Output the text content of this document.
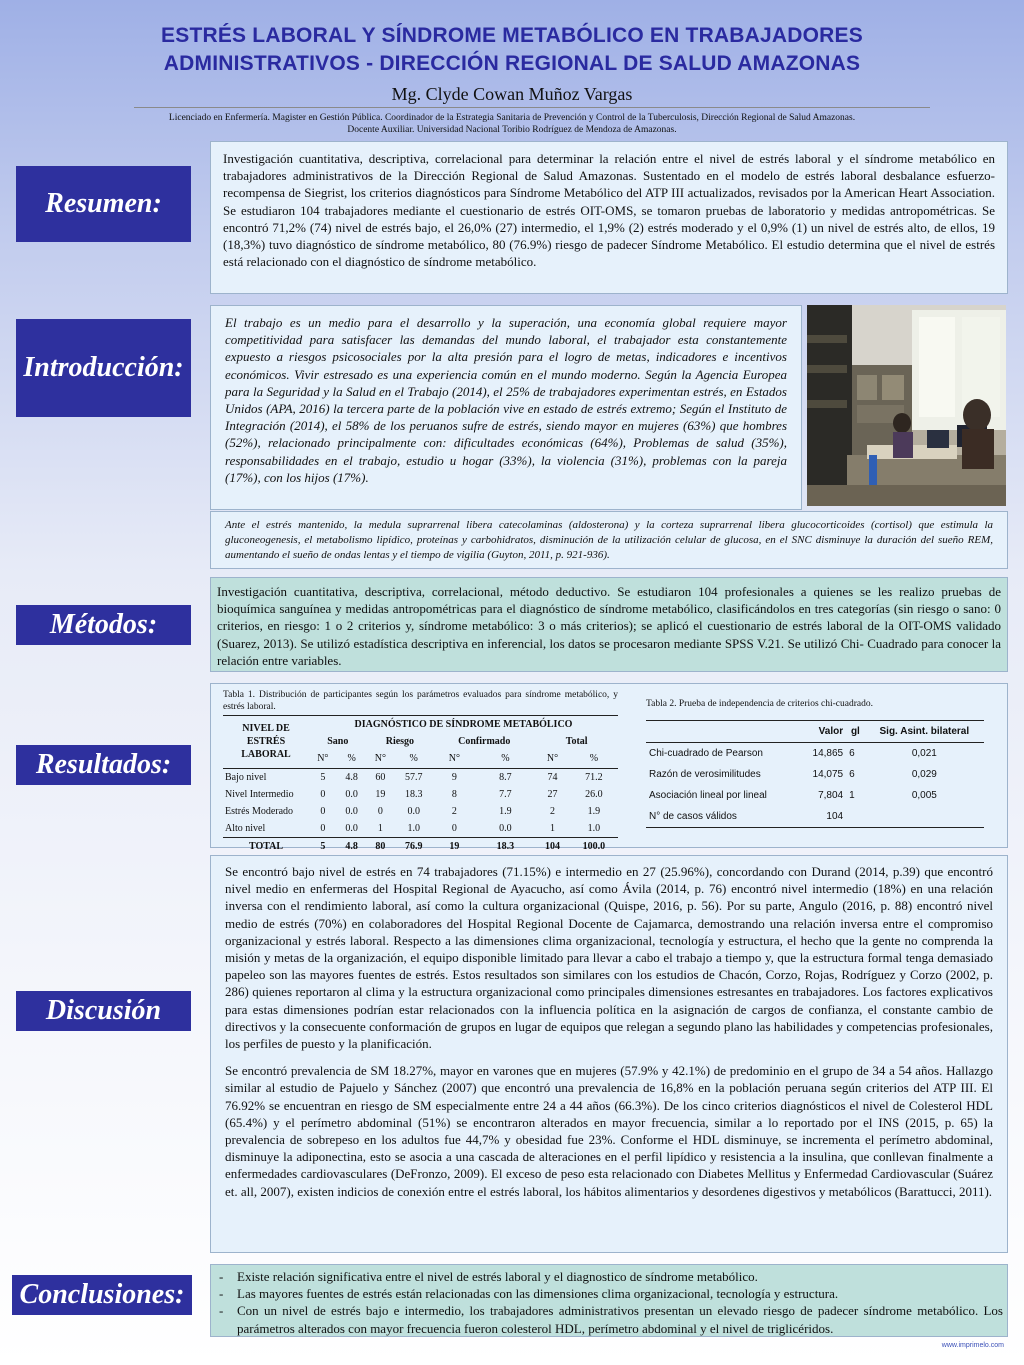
ESTRÉS LABORAL Y SÍNDROME METABÓLICO EN TRABAJADORES
ADMINISTRATIVOS - DIRECCIÓN REGIONAL DE SALUD AMAZONAS
Mg. Clyde Cowan Muñoz Vargas
Licenciado en Enfermería. Magister en Gestión Pública. Coordinador de la Estrategia Sanitaria de Prevención y Control de la Tuberculosis, Dirección Regional de Salud Amazonas.
Docente Auxiliar. Universidad Nacional Toribio Rodríguez de Mendoza de Amazonas.
Resumen:

Investigación cuantitativa, descriptiva, correlacional para determinar la relación entre el nivel de estrés laboral y el síndrome metabólico en trabajadores administrativos de la Dirección Regional de Salud Amazonas. Sustentado en el modelo de estrés laboral desbalance esfuerzo-recompensa de Siegrist, los criterios diagnósticos para Síndrome Metabólico del ATP III actualizados, revisados por la American Heart Association. Se estudiaron 104 trabajadores mediante el cuestionario de estrés OIT-OMS, se tomaron pruebas de laboratorio y medidas antropométricas. Se encontró 71,2% (74) nivel de estrés bajo, el 26,0% (27) intermedio, el 1,9% (2) estrés moderado y el 0,9% (1) un nivel de estrés alto, de ellos, 19 (18,3%) tuvo diagnóstico de síndrome metabólico, 80 (76.9%) riesgo de padecer Síndrome Metabólico. El estudio determina que el nivel de estrés está relacionado con el diagnóstico de síndrome metabólico.

Introducción:

El trabajo es un medio para el desarrollo y la superación, una economía global requiere mayor competitividad para satisfacer las demandas del mundo laboral, el trabajador esta constantemente expuesto a riesgos psicosociales por la alta presión para el logro de metas, indicadores e incentivos económicos. Vivir estresado es una experiencia común en el mundo moderno. Según la Agencia Europea para la Seguridad y la Salud en el Trabajo (2014), el 25% de trabajadores experimentan estrés, en Estados Unidos (APA, 2016) la tercera parte de la población vive en estado de estrés extremo; Según el Instituto de Integración (2014), el 58% de los peruanos sufre de estrés, siendo mayor en mujeres (63%) que hombres (52%), relacionado principalmente con: dificultades económicas (64%), Problemas de salud (35%), responsabilidades en el trabajo, estudio u hogar (33%), la violencia (31%), problemas con la pareja (17%), con los hijos (17%).

Ante el estrés mantenido, la medula suprarrenal libera catecolaminas (aldosterona) y la corteza suprarrenal libera glucocorticoides (cortisol) que estimula la gluconeogenesis, el metabolismo lipídico, proteínas y carbohidratos, disminución de la utilización celular de glucosa, en el SNC disminuye la duración del sueño REM, aumentando el sueño de ondas lentas y el tiempo de vigilia (Guyton, 2011, p. 921-936).

Métodos:

Investigación cuantitativa, descriptiva, correlacional, método deductivo. Se estudiaron 104 profesionales a quienes se les realizo pruebas de bioquímica sanguínea y medidas antropométricas para el diagnóstico de síndrome metabólico, clasificándolos en tres categorías (sin riesgo o sano: 0 criterios, en riesgo: 1 o 2 criterios y, síndrome metabólico: 3 o más criterios); se aplicó el cuestionario de estrés laboral de la OIT-OMS validado (Suarez, 2013). Se utilizó estadística descriptiva en inferencial, los datos se procesaron mediante SPSS V.21. Se utilizó Chi- Cuadrado para conocer la relación entre variables.

Resultados:

Tabla 1. Distribución de participantes según los parámetros evaluados para síndrome metabólico, y estrés laboral.

NIVEL DE ESTRÉS LABORAL	DIAGNÓSTICO DE SÍNDROME METABÓLICO							
	Sano		Riesgo		Confirmado		Total	
	N°	%	N°	%	N°	%	N°	%
Bajo nivel	5	4.8	60	57.7	9	8.7	74	71.2
Nivel Intermedio	0	0.0	19	18.3	8	7.7	27	26.0
Estrés Moderado	0	0.0	0	0.0	2	1.9	2	1.9
Alto nivel	0	0.0	1	1.0	0	0.0	1	1.0
TOTAL	5	4.8	80	76.9	19	18.3	104	100.0

Tabla 2. Prueba de independencia de criterios chi-cuadrado.

	Valor	gl	Sig. Asint. bilateral
Chi-cuadrado de Pearson	14,865	6	0,021
Razón de verosimilitudes	14,075	6	0,029
Asociación lineal por lineal	7,804	1	0,005
N° de casos válidos	104		
Discusión

Se encontró bajo nivel de estrés en 74 trabajadores (71.15%) e intermedio en 27 (25.96%), concordando con Durand (2014, p.39) que encontró nivel medio en enfermeras del Hospital Regional de Ayacucho, así como Ávila (2014, p. 76) encontró nivel intermedio (18%) en una relación inversa con el rendimiento laboral, así como la cultura organizacional (Quispe, 2016, p. 56). Por su parte, Angulo (2016, p. 88) encontró nivel medio de estrés (70%) en colaboradores del Hospital Regional Docente de Cajamarca, demostrando una relación inversa entre el compromiso organizacional y estrés laboral. Respecto a las dimensiones clima organizacional, tecnología y estructura, el hecho que la gente no comprenda la misión y metas de la organización, el equipo disponible limitado para llevar a cabo el trabajo a tiempo y, que la estructura formal tenga demasiado papeleo son las mayores fuentes de estrés. Estos resultados son similares con los estudios de Chacón, Corzo, Rojas, Rodríguez y Corzo (2002, p. 286) quienes reportaron al clima y la estructura organizacional como principales dimensiones estresantes en trabajadores. Los factores explicativos para estas dimensiones podrían estar relacionados con la influencia política en la asignación de cargos de confianza, el constante cambio de directivos y la consecuente conformación de grupos en lugar de equipos que relegan a segundo plano las habilidades y competencias profesionales, los perfiles de puesto y la planificación.

Se encontró prevalencia de SM 18.27%, mayor en varones que en mujeres (57.9% y 42.1%) de predominio en el grupo de 34 a 54 años. Hallazgo similar al estudio de Pajuelo y Sánchez (2007) que encontró una prevalencia de 16,8% en la población peruana según criterios del ATP III. El 76.92% se encuentran en riesgo de SM especialmente entre 24 a 44 años (66.3%). De los cinco criterios diagnósticos el nivel de Colesterol HDL (65.4%) y el perímetro abdominal (51%) se encontraron alterados en mayor frecuencia, similar a lo reportado por el INS (2015, p. 65) la prevalencia de sobrepeso en los adultos fue 44,7% y obesidad fue 23%. Conforme el HDL disminuye, se incrementa el perímetro abdominal, disminuye la adiponectina, esto se asocia a una cascada de alteraciones en el perfil lipídico y resistencia a la insulina, que conllevan finalmente a enfermedades cardiovasculares (DeFronzo, 2009). El exceso de peso esta relacionado con Diabetes Mellitus y Enfermedad Cardiovascular (Suárez et. all, 2007), existen indicios de conexión entre el estrés laboral, los hábitos alimentarios y desordenes digestivos y metabólicos (Barattucci, 2011).

Conclusiones:
- Existe relación significativa entre el nivel de estrés laboral y el diagnostico de síndrome metabólico.
- Las mayores fuentes de estrés están relacionadas con las dimensiones clima organizacional, tecnología y estructura.
- Con un nivel de estrés bajo e intermedio, los trabajadores administrativos presentan un elevado riesgo de padecer síndrome metabólico. Los parámetros alterados con mayor frecuencia fueron colesterol HDL, perímetro abdominal y el nivel de triglicéridos.
www.imprimelo.com
